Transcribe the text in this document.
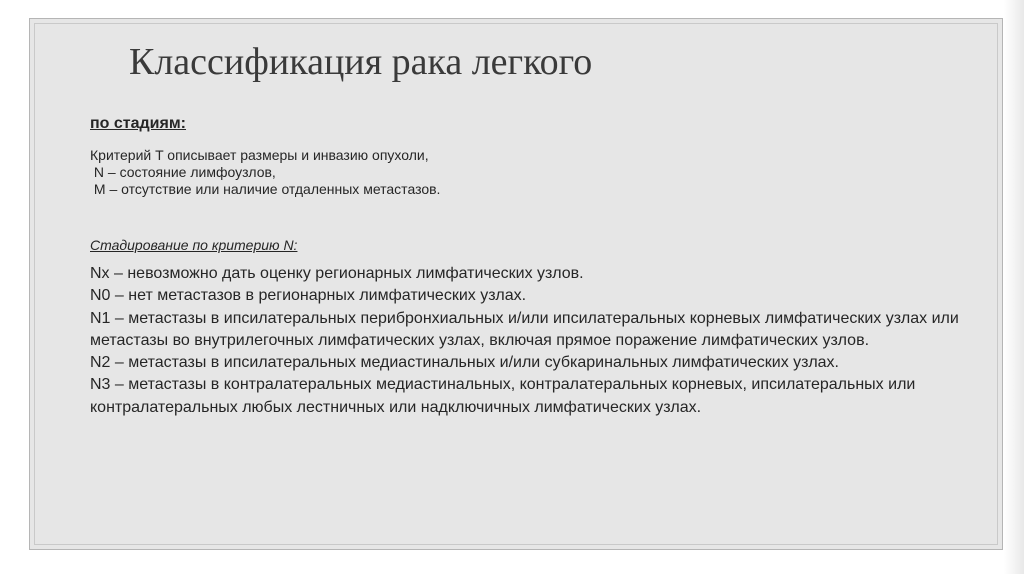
Классификация рака легкого
по стадиям:
Критерий T описывает размеры и инвазию опухоли,
N – состояние лимфоузлов,
M – отсутствие или наличие отдаленных метастазов.
Стадирование по критерию N:
Nx – невозможно дать оценку регионарных лимфатических узлов.
N0 – нет метастазов в регионарных лимфатических узлах.
N1 – метастазы в ипсилатеральных перибронхиальных и/или ипсилатеральных корневых лимфатических узлах или метастазы во внутрилегочных лимфатических узлах, включая прямое поражение лимфатических узлов.
N2 – метастазы в ипсилатеральных медиастинальных и/или субкаринальных лимфатических узлах.
N3 – метастазы в контралатеральных медиастинальных, контралатеральных корневых, ипсилатеральных или контралатеральных любых лестничных или надключичных лимфатических узлах.
